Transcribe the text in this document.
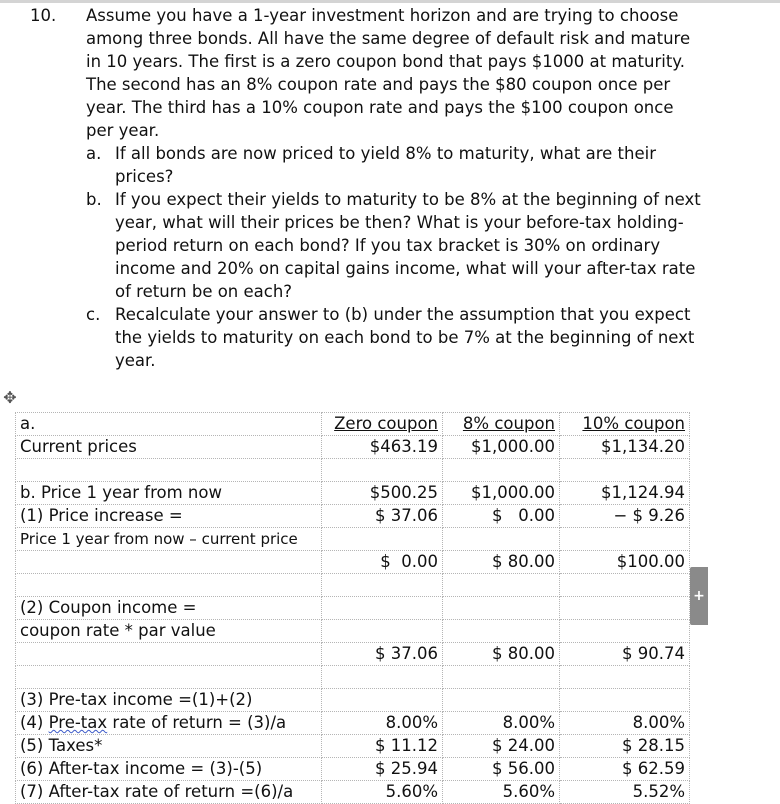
10. Assume you have a 1-year investment horizon and are trying to choose among three bonds. All have the same degree of default risk and mature in 10 years. The first is a zero coupon bond that pays $1000 at maturity. The second has an 8% coupon rate and pays the $80 coupon once per year. The third has a 10% coupon rate and pays the $100 coupon once per year.

a. If all bonds are now priced to yield 8% to maturity, what are their prices?
b. If you expect their yields to maturity to be 8% at the beginning of next year, what will their prices be then? What is your before-tax holding-period return on each bond? If you tax bracket is 30% on ordinary income and 20% on capital gains income, what will your after-tax rate of return be on each?
c. Recalculate your answer to (b) under the assumption that you expect the yields to maturity on each bond to be 7% at the beginning of next year.
✥
+
a.	Zero coupon	8% coupon	10% coupon
Current prices	$463.19	$1,000.00	$1,134.20

b. Price 1 year from now	$500.25	$1,000.00	$1,124.94
(1) Price increase =	$ 37.06	$   0.00	− $ 9.26
Price 1 year from now – current price			
	$  0.00	$ 80.00	$100.00

(2) Coupon income =			
coupon rate * par value			
	$ 37.06	$ 80.00	$ 90.74

(3) Pre-tax income =(1)+(2)			
(4) Pre-tax rate of return = (3)/a	8.00%	8.00%	8.00%
(5) Taxes*	$ 11.12	$ 24.00	$ 28.15
(6) After-tax income = (3)-(5)	$ 25.94	$ 56.00	$ 62.59
(7) After-tax rate of return =(6)/a	5.60%	5.60%	5.52%
